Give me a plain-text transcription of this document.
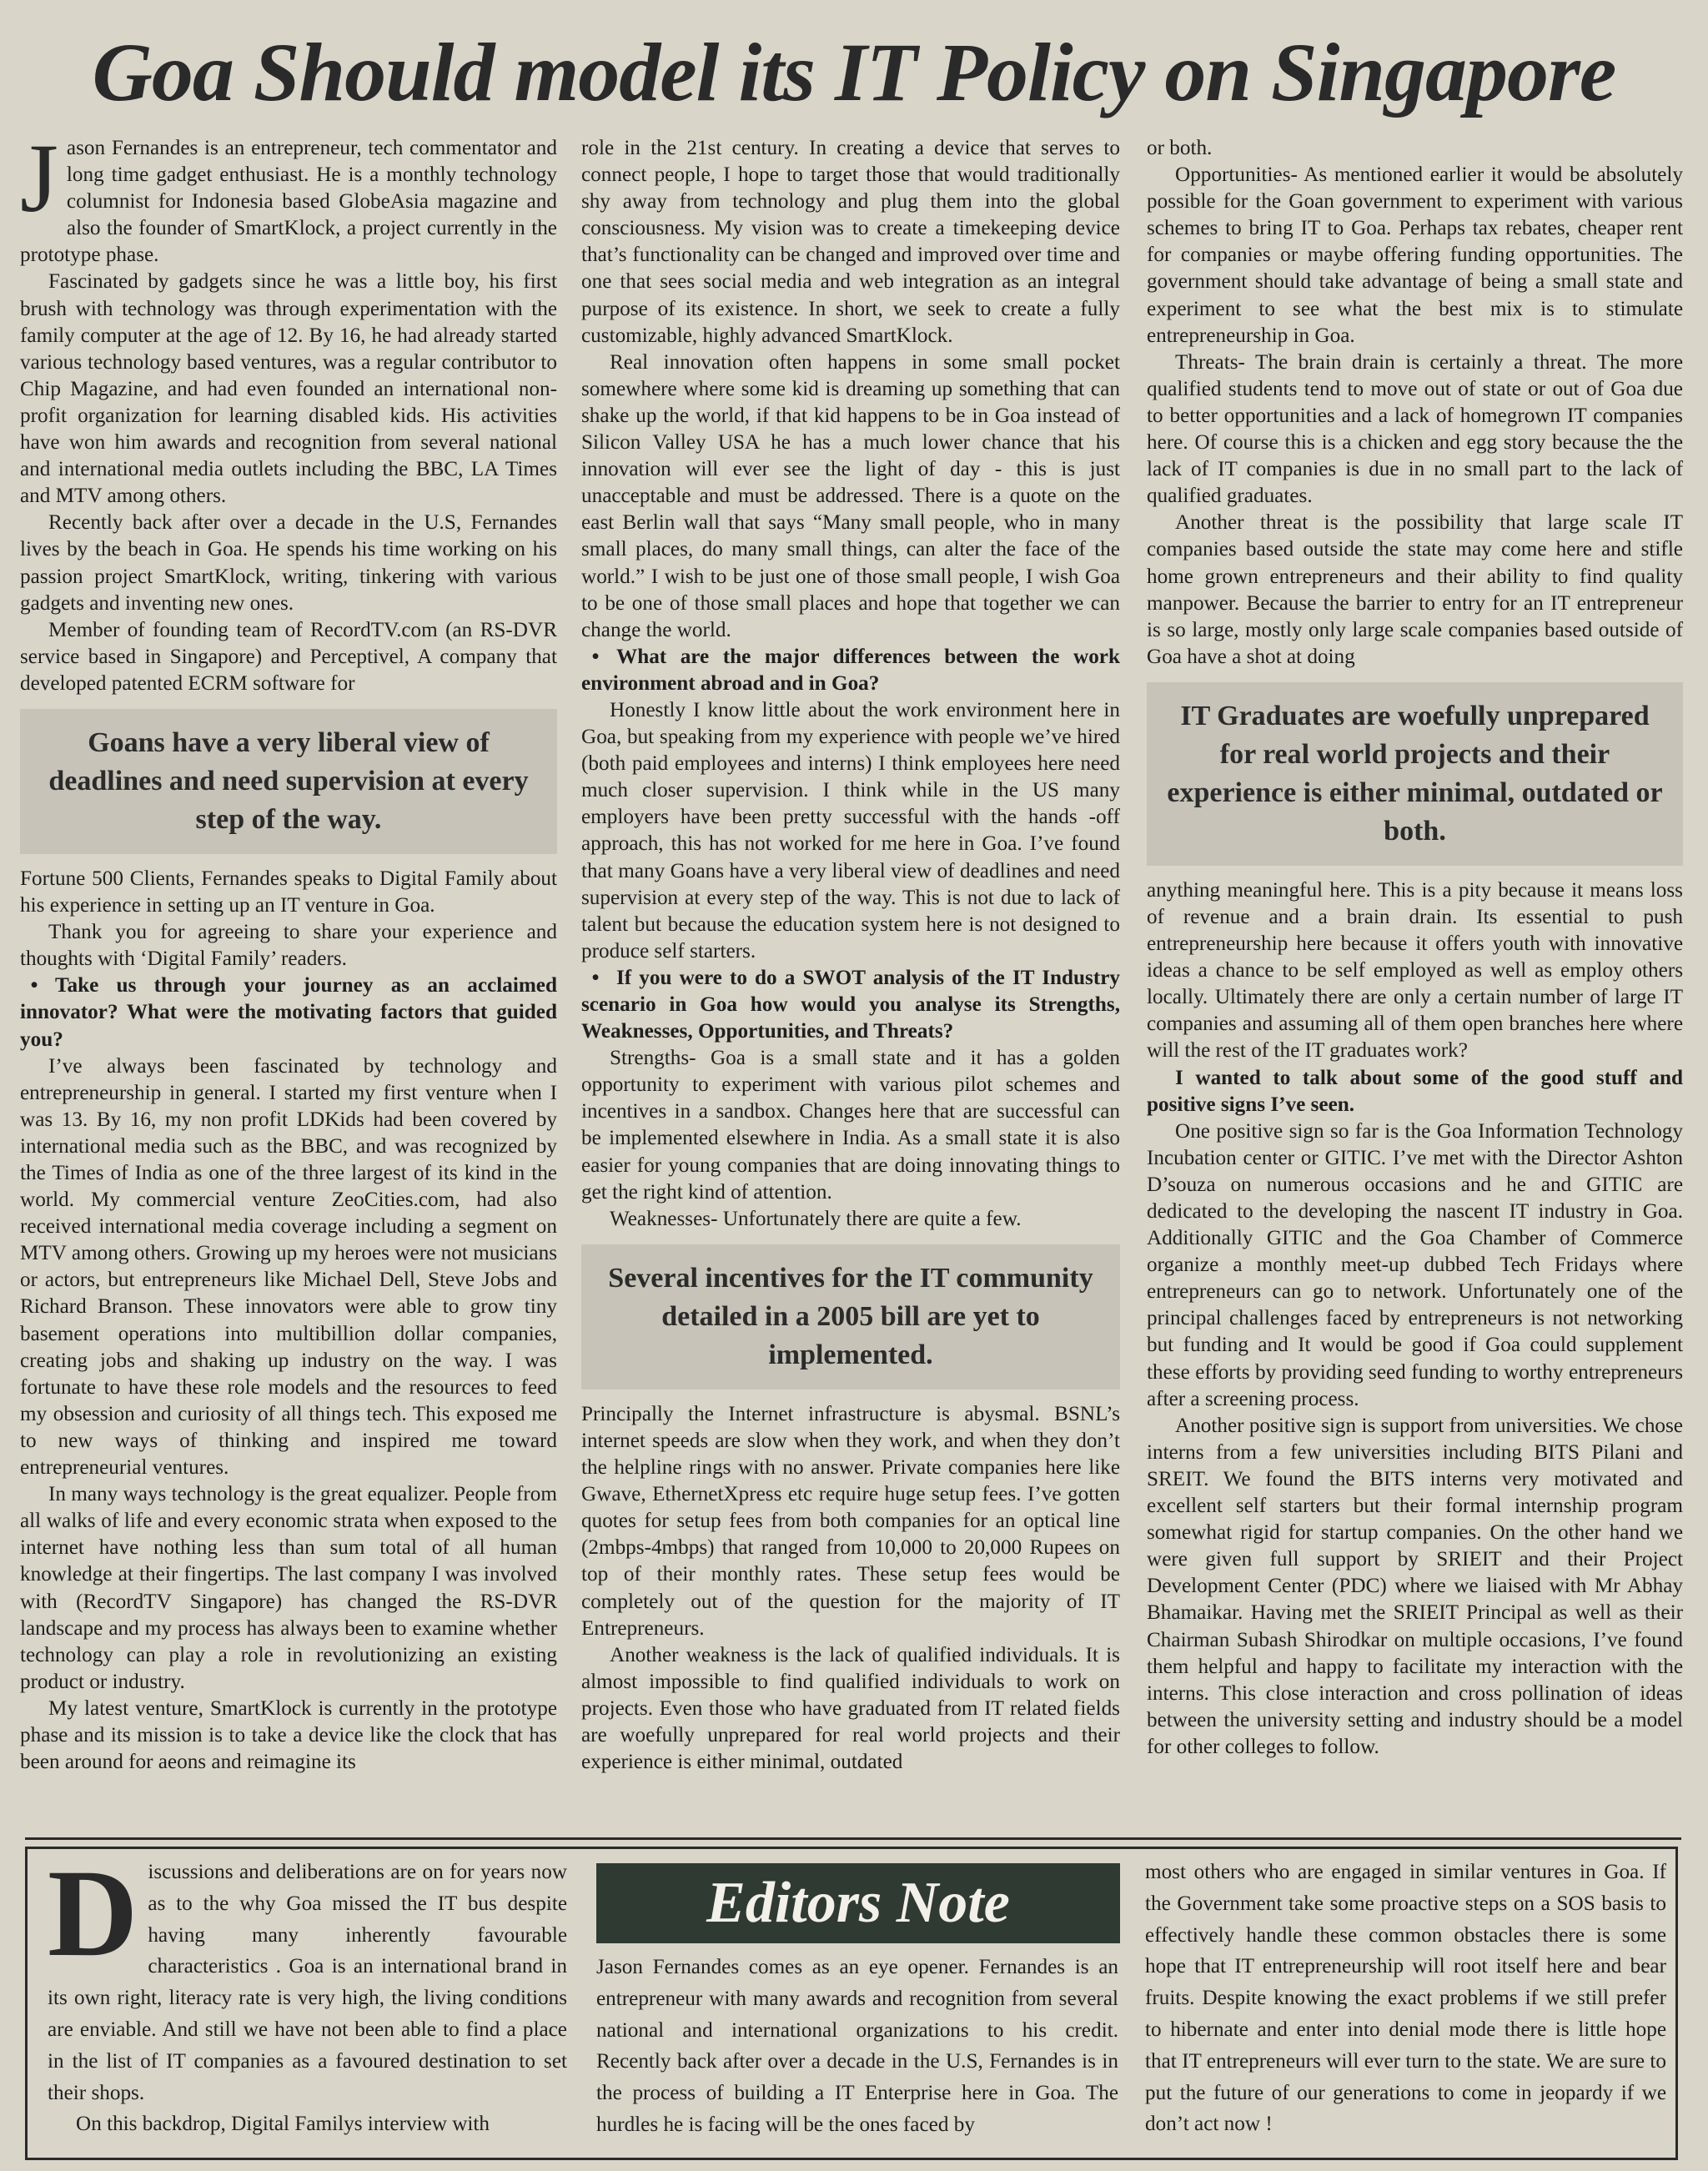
Goa Should model its IT Policy on Singapore

Jason Fernandes is an entrepreneur, tech commentator and long time gadget enthusiast. He is a monthly technology columnist for Indonesia based GlobeAsia magazine and also the founder of SmartKlock, a project currently in the prototype phase.

Fascinated by gadgets since he was a little boy, his first brush with technology was through experimentation with the family computer at the age of 12. By 16, he had already started various technology based ventures, was a regular contributor to Chip Magazine, and had even founded an international non-profit organization for learning disabled kids. His activities have won him awards and recognition from several national and international media outlets including the BBC, LA Times and MTV among others.

Recently back after over a decade in the U.S, Fernandes lives by the beach in Goa. He spends his time working on his passion project SmartKlock, writing, tinkering with various gadgets and inventing new ones.

Member of founding team of RecordTV.com (an RS-DVR service based in Singapore) and Perceptivel, A company that developed patented ECRM software for

Goans have a very liberal view of deadlines and need supervision at every step of the way.

Fortune 500 Clients, Fernandes speaks to Digital Family about his experience in setting up an IT venture in Goa.

Thank you for agreeing to share your experience and thoughts with ‘Digital Family’ readers.

• Take us through your journey as an acclaimed innovator? What were the motivating factors that guided you?

I’ve always been fascinated by technology and entrepreneurship in general. I started my first venture when I was 13. By 16, my non profit LDKids had been covered by international media such as the BBC, and was recognized by the Times of India as one of the three largest of its kind in the world. My commercial venture ZeoCities.com, had also received international media coverage including a segment on MTV among others. Growing up my heroes were not musicians or actors, but entrepreneurs like Michael Dell, Steve Jobs and Richard Branson. These innovators were able to grow tiny basement operations into multibillion dollar companies, creating jobs and shaking up industry on the way. I was fortunate to have these role models and the resources to feed my obsession and curiosity of all things tech. This exposed me to new ways of thinking and inspired me toward entrepreneurial ventures.

In many ways technology is the great equalizer. People from all walks of life and every economic strata when exposed to the internet have nothing less than sum total of all human knowledge at their fingertips. The last company I was involved with (RecordTV Singapore) has changed the RS-DVR landscape and my process has always been to examine whether technology can play a role in revolutionizing an existing product or industry.

My latest venture, SmartKlock is currently in the prototype phase and its mission is to take a device like the clock that has been around for aeons and reimagine its

role in the 21st century. In creating a device that serves to connect people, I hope to target those that would traditionally shy away from technology and plug them into the global consciousness. My vision was to create a timekeeping device that’s functionality can be changed and improved over time and one that sees social media and web integration as an integral purpose of its existence. In short, we seek to create a fully customizable, highly advanced SmartKlock.

Real innovation often happens in some small pocket somewhere where some kid is dreaming up something that can shake up the world, if that kid happens to be in Goa instead of Silicon Valley USA he has a much lower chance that his innovation will ever see the light of day - this is just unacceptable and must be addressed. There is a quote on the east Berlin wall that says “Many small people, who in many small places, do many small things, can alter the face of the world.” I wish to be just one of those small people, I wish Goa to be one of those small places and hope that together we can change the world.

• What are the major differences between the work environment abroad and in Goa?

Honestly I know little about the work environment here in Goa, but speaking from my experience with people we’ve hired (both paid employees and interns) I think employees here need much closer supervision. I think while in the US many employers have been pretty successful with the hands -off approach, this has not worked for me here in Goa. I’ve found that many Goans have a very liberal view of deadlines and need supervision at every step of the way. This is not due to lack of talent but because the education system here is not designed to produce self starters.

• If you were to do a SWOT analysis of the IT Industry scenario in Goa how would you analyse its Strengths, Weaknesses, Opportunities, and Threats?

Strengths- Goa is a small state and it has a golden opportunity to experiment with various pilot schemes and incentives in a sandbox. Changes here that are successful can be implemented elsewhere in India. As a small state it is also easier for young companies that are doing innovating things to get the right kind of attention.

Weaknesses- Unfortunately there are quite a few.

Several incentives for the IT community detailed in a 2005 bill are yet to implemented.

Principally the Internet infrastructure is abysmal. BSNL’s internet speeds are slow when they work, and when they don’t the helpline rings with no answer. Private companies here like Gwave, EthernetXpress etc require huge setup fees. I’ve gotten quotes for setup fees from both companies for an optical line (2mbps-4mbps) that ranged from 10,000 to 20,000 Rupees on top of their monthly rates. These setup fees would be completely out of the question for the majority of IT Entrepreneurs.

Another weakness is the lack of qualified individuals. It is almost impossible to find qualified individuals to work on projects. Even those who have graduated from IT related fields are woefully unprepared for real world projects and their experience is either minimal, outdated

or both.

Opportunities- As mentioned earlier it would be absolutely possible for the Goan government to experiment with various schemes to bring IT to Goa. Perhaps tax rebates, cheaper rent for companies or maybe offering funding opportunities. The government should take advantage of being a small state and experiment to see what the best mix is to stimulate entrepreneurship in Goa.

Threats- The brain drain is certainly a threat. The more qualified students tend to move out of state or out of Goa due to better opportunities and a lack of homegrown IT companies here. Of course this is a chicken and egg story because the the lack of IT companies is due in no small part to the lack of qualified graduates.

Another threat is the possibility that large scale IT companies based outside the state may come here and stifle home grown entrepreneurs and their ability to find quality manpower. Because the barrier to entry for an IT entrepreneur is so large, mostly only large scale companies based outside of Goa have a shot at doing

IT Graduates are woefully unprepared for real world projects and their experience is either minimal, outdated or both.

anything meaningful here. This is a pity because it means loss of revenue and a brain drain. Its essential to push entrepreneurship here because it offers youth with innovative ideas a chance to be self employed as well as employ others locally. Ultimately there are only a certain number of large IT companies and assuming all of them open branches here where will the rest of the IT graduates work?

I wanted to talk about some of the good stuff and positive signs I’ve seen.

One positive sign so far is the Goa Information Technology Incubation center or GITIC. I’ve met with the Director Ashton D’souza on numerous occasions and he and GITIC are dedicated to the developing the nascent IT industry in Goa. Additionally GITIC and the Goa Chamber of Commerce organize a monthly meet-up dubbed Tech Fridays where entrepreneurs can go to network. Unfortunately one of the principal challenges faced by entrepreneurs is not networking but funding and It would be good if Goa could supplement these efforts by providing seed funding to worthy entrepreneurs after a screening process.

Another positive sign is support from universities. We chose interns from a few universities including BITS Pilani and SREIT. We found the BITS interns very motivated and excellent self starters but their formal internship program somewhat rigid for startup companies. On the other hand we were given full support by SRIEIT and their Project Development Center (PDC) where we liaised with Mr Abhay Bhamaikar. Having met the SRIEIT Principal as well as their Chairman Subash Shirodkar on multiple occasions, I’ve found them helpful and happy to facilitate my interaction with the interns. This close interaction and cross pollination of ideas between the university setting and industry should be a model for other colleges to follow.

Discussions and deliberations are on for years now as to the why Goa missed the IT bus despite having many inherently favourable characteristics . Goa is an international brand in its own right, literacy rate is very high, the living conditions are enviable. And still we have not been able to find a place in the list of IT companies as a favoured destination to set their shops.

On this backdrop, Digital Familys interview with

Editors Note

Jason Fernandes comes as an eye opener. Fernandes is an entrepreneur with many awards and recognition from several national and international organizations to his credit. Recently back after over a decade in the U.S, Fernandes is in the process of building a IT Enterprise here in Goa. The hurdles he is facing will be the ones faced by

most others who are engaged in similar ventures in Goa. If the Government take some proactive steps on a SOS basis to effectively handle these common obstacles there is some hope that IT entrepreneurship will root itself here and bear fruits. Despite knowing the exact problems if we still prefer to hibernate and enter into denial mode there is little hope that IT entrepreneurs will ever turn to the state. We are sure to put the future of our generations to come in jeopardy if we don’t act now !
